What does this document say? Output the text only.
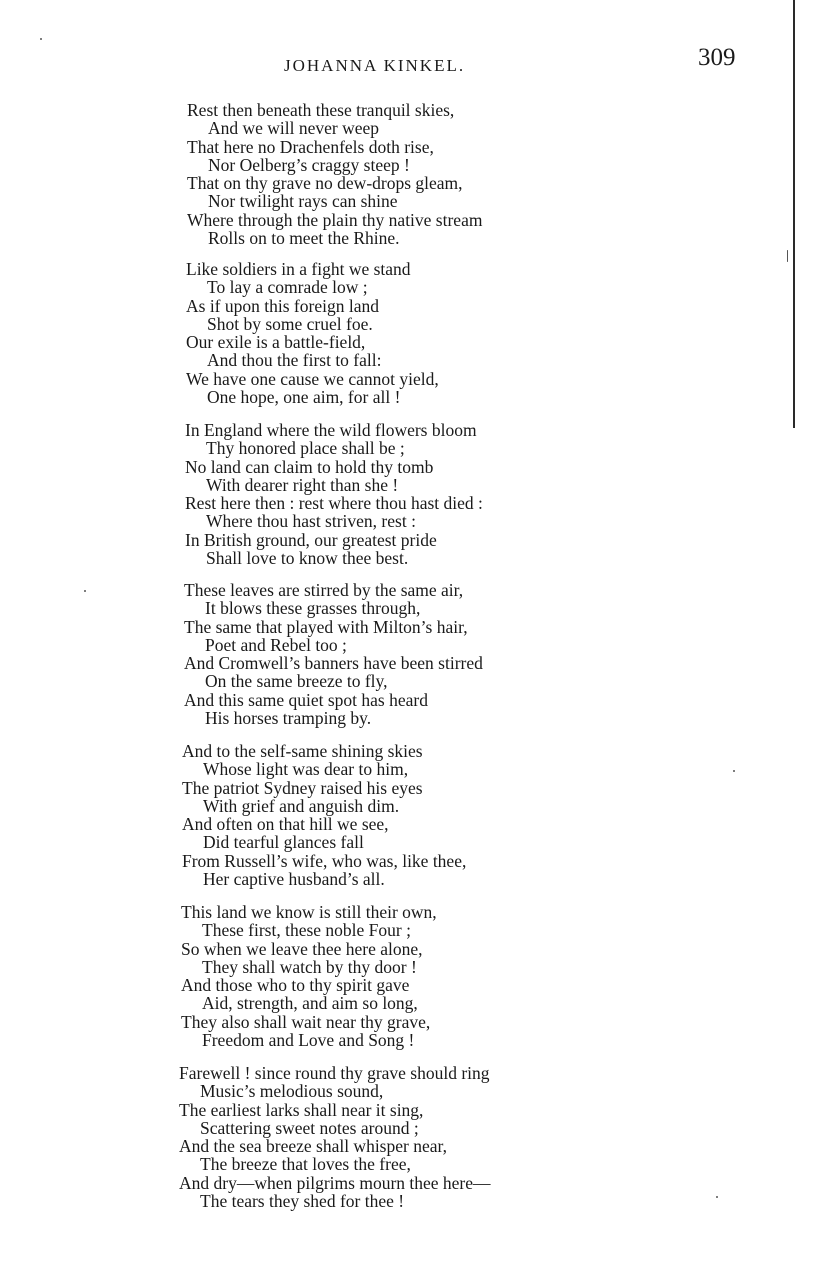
JOHANNA KINKEL.	309
Rest then beneath these tranquil skies,
And we will never weep
That here no Drachenfels doth rise,
Nor Oelberg’s craggy steep !
That on thy grave no dew-drops gleam,
Nor twilight rays can shine
Where through the plain thy native stream
Rolls on to meet the Rhine.
Like soldiers in a fight we stand
To lay a comrade low ;
As if upon this foreign land
Shot by some cruel foe.
Our exile is a battle-field,
And thou the first to fall:
We have one cause we cannot yield,
One hope, one aim, for all !
In England where the wild flowers bloom
Thy honored place shall be ;
No land can claim to hold thy tomb
With dearer right than she !
Rest here then : rest where thou hast died :
Where thou hast striven, rest :
In British ground, our greatest pride
Shall love to know thee best.
These leaves are stirred by the same air,
It blows these grasses through,
The same that played with Milton’s hair,
Poet and Rebel too ;
And Cromwell’s banners have been stirred
On the same breeze to fly,
And this same quiet spot has heard
His horses tramping by.
And to the self-same shining skies
Whose light was dear to him,
The patriot Sydney raised his eyes
With grief and anguish dim.
And often on that hill we see,
Did tearful glances fall
From Russell’s wife, who was, like thee,
Her captive husband’s all.
This land we know is still their own,
These first, these noble Four ;
So when we leave thee here alone,
They shall watch by thy door !
And those who to thy spirit gave
Aid, strength, and aim so long,
They also shall wait near thy grave,
Freedom and Love and Song !
Farewell ! since round thy grave should ring
Music’s melodious sound,
The earliest larks shall near it sing,
Scattering sweet notes around ;
And the sea breeze shall whisper near,
The breeze that loves the free,
And dry—when pilgrims mourn thee here—
The tears they shed for thee !
